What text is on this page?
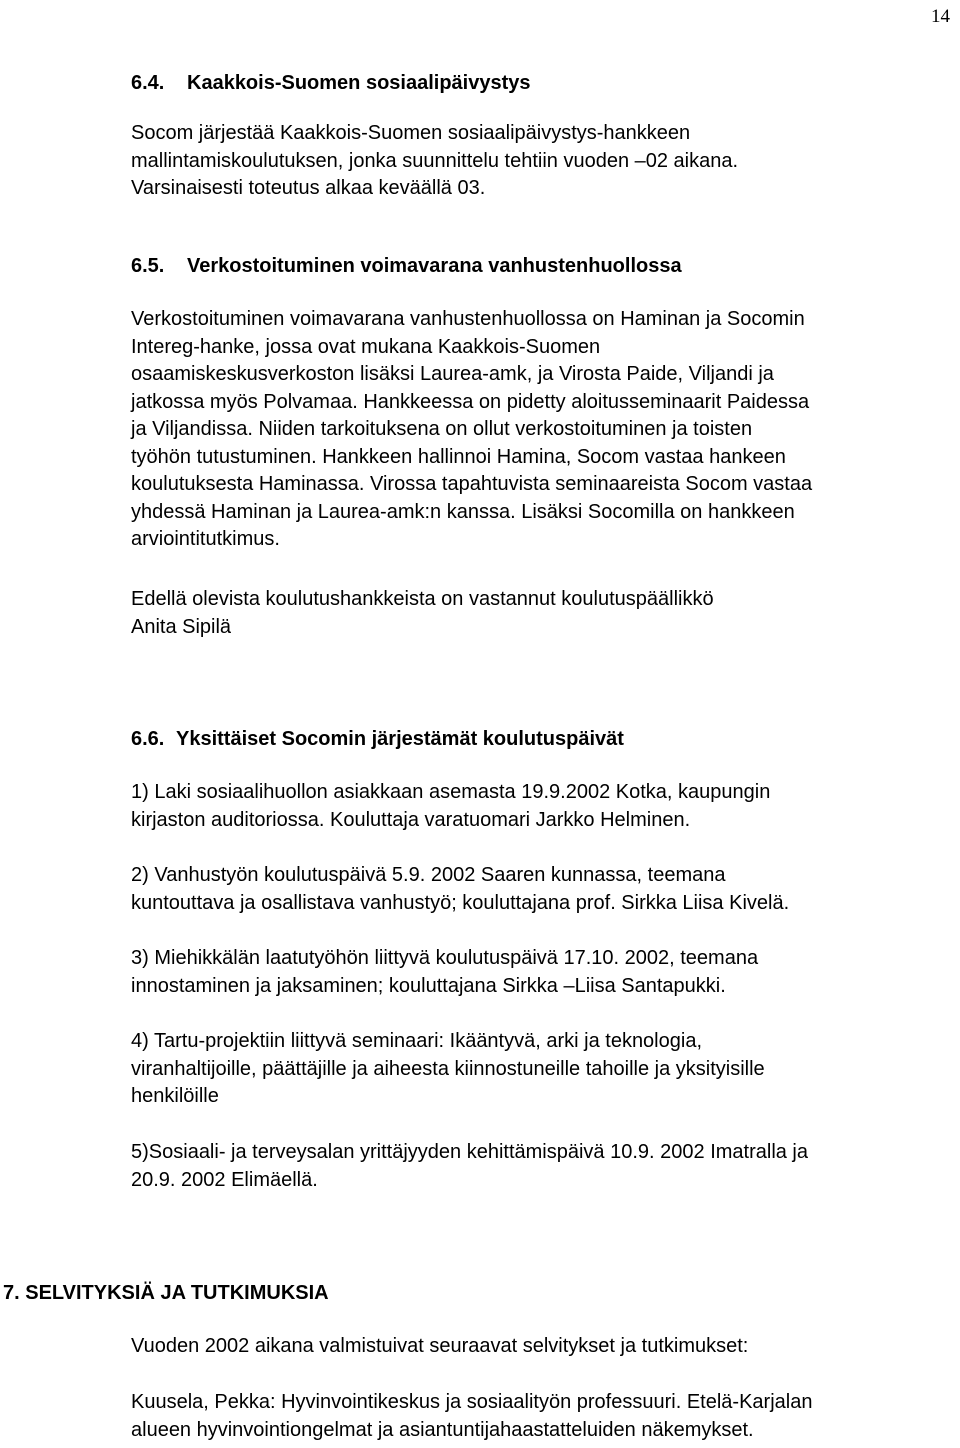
14
6.4. Kaakkois-Suomen sosiaalipäivystys
Socom järjestää Kaakkois-Suomen sosiaalipäivystys-hankkeen
mallintamiskoulutuksen, jonka suunnittelu tehtiin vuoden –02 aikana.
Varsinaisesti toteutus alkaa keväällä 03.
6.5. Verkostoituminen voimavarana vanhustenhuollossa
Verkostoituminen voimavarana vanhustenhuollossa on Haminan ja Socomin
Intereg-hanke, jossa ovat mukana Kaakkois-Suomen
osaamiskeskusverkoston lisäksi Laurea-amk, ja Virosta Paide, Viljandi ja
jatkossa myös Polvamaa. Hankkeessa on pidetty aloitusseminaarit Paidessa
ja Viljandissa. Niiden tarkoituksena on ollut verkostoituminen ja toisten
työhön tutustuminen. Hankkeen hallinnoi Hamina, Socom vastaa hankeen
koulutuksesta Haminassa. Virossa tapahtuvista seminaareista Socom vastaa
yhdessä Haminan ja Laurea-amk:n kanssa. Lisäksi Socomilla on hankkeen
arviointitutkimus.
Edellä olevista koulutushankkeista on vastannut koulutuspäällikkö
Anita Sipilä
6.6. Yksittäiset Socomin järjestämät koulutuspäivät
1) Laki sosiaalihuollon asiakkaan asemasta 19.9.2002 Kotka, kaupungin
kirjaston auditoriossa. Kouluttaja varatuomari Jarkko Helminen.
2) Vanhustyön koulutuspäivä 5.9. 2002 Saaren kunnassa, teemana
kuntouttava ja osallistava vanhustyö; kouluttajana prof. Sirkka Liisa Kivelä.
3) Miehikkälän laatutyöhön liittyvä koulutuspäivä 17.10. 2002, teemana
innostaminen ja jaksaminen; kouluttajana Sirkka –Liisa Santapukki.
4) Tartu-projektiin liittyvä seminaari: Ikääntyvä, arki ja teknologia,
viranhaltijoille, päättäjille ja aiheesta kiinnostuneille tahoille ja yksityisille
henkilöille
5)Sosiaali- ja terveysalan yrittäjyyden kehittämispäivä 10.9. 2002 Imatralla ja
20.9. 2002 Elimäellä.
7. SELVITYKSIÄ JA TUTKIMUKSIA
Vuoden 2002 aikana valmistuivat seuraavat selvitykset ja tutkimukset:
Kuusela, Pekka: Hyvinvointikeskus ja sosiaalityön professuuri. Etelä-Karjalan
alueen hyvinvointiongelmat ja asiantuntijahaastatteluiden näkemykset.
